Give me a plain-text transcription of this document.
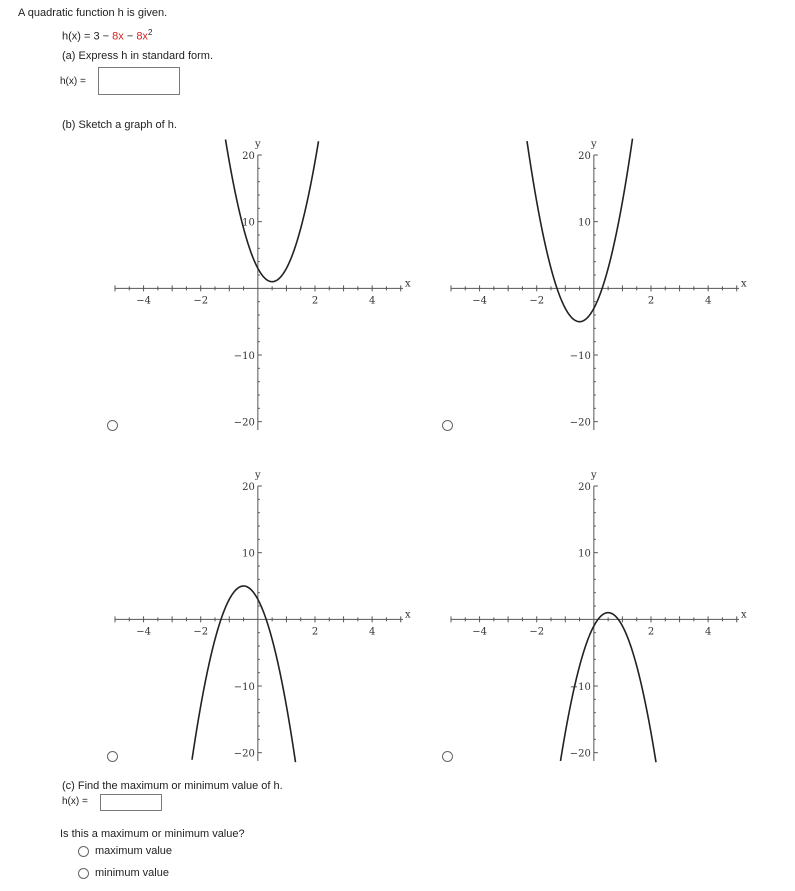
A quadratic function h is given.
$h(x) = 3 - 8x - 8x^2$
(a) Express h in standard form.
h(x) =
(b) Sketch a graph of h.
−4	−2	2	4
20
10
−10
−20
x
y
−4	−2	2	4
20
10
−10
−20
x
y
−4	−2	2	4
20
10
−10
−20
x
y
−4	−2	2	4
20
10
−10
−20
x
y
(c) Find the maximum or minimum value of h.
h(x) =
Is this a maximum or minimum value?
maximum value
minimum value
